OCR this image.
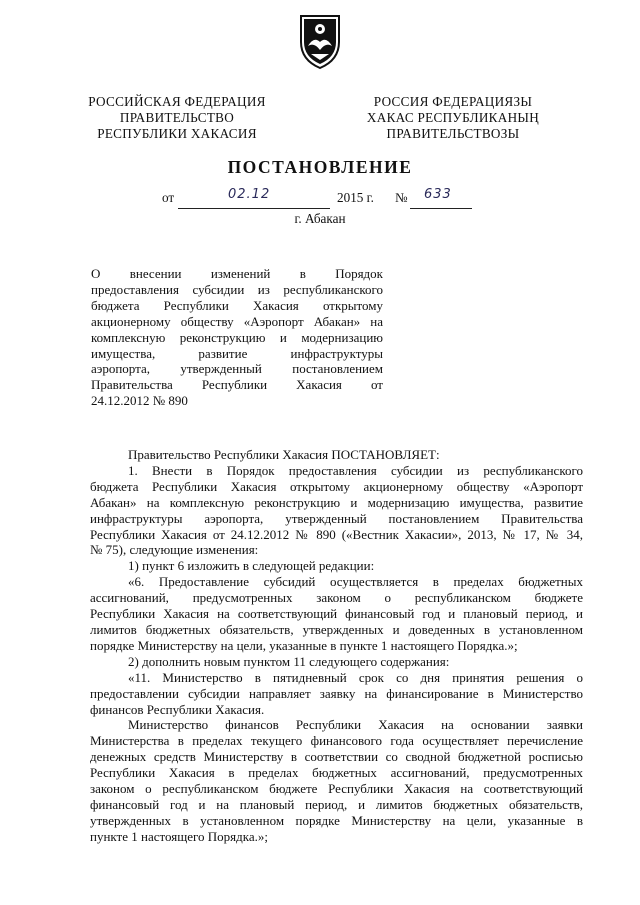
РОССИЙСКАЯ ФЕДЕРАЦИЯ
ПРАВИТЕЛЬСТВО
РЕСПУБЛИКИ ХАКАСИЯ
РОССИЯ ФЕДЕРАЦИЯЗЫ
ХАКАС РЕСПУБЛИКАНЫҢ
ПРАВИТЕЛЬСТВОЗЫ
ПОСТАНОВЛЕНИЕ
от	02.12	2015 г. № 633
г. Абакан
О внесении изменений в Порядок
предоставления субсидии из республиканского
бюджета Республики Хакасия открытому
акционерному обществу «Аэропорт Абакан» на
комплексную реконструкцию и модернизацию
имущества, развитие инфраструктуры
аэропорта, утвержденный постановлением
Правительства Республики Хакасия от
24.12.2012 № 890
Правительство Республики Хакасия ПОСТАНОВЛЯЕТ:
1. Внести в Порядок предоставления субсидии из республиканского
бюджета Республики Хакасия открытому акционерному обществу «Аэропорт
Абакан» на комплексную реконструкцию и модернизацию имущества, развитие
инфраструктуры аэропорта, утвержденный постановлением Правительства
Республики Хакасия от 24.12.2012 № 890 («Вестник Хакасии», 2013, № 17, № 34,
№ 75), следующие изменения:
1) пункт 6 изложить в следующей редакции:
«6. Предоставление субсидий осуществляется в пределах бюджетных
ассигнований, предусмотренных законом о республиканском бюджете
Республики Хакасия на соответствующий финансовый год и плановый период, и
лимитов бюджетных обязательств, утвержденных и доведенных в установленном
порядке Министерству на цели, указанные в пункте 1 настоящего Порядка.»;
2) дополнить новым пунктом 11 следующего содержания:
«11. Министерство в пятидневный срок со дня принятия решения о
предоставлении субсидии направляет заявку на финансирование в Министерство
финансов Республики Хакасия.
Министерство финансов Республики Хакасия на основании заявки
Министерства в пределах текущего финансового года осуществляет перечисление
денежных средств Министерству в соответствии со сводной бюджетной росписью
Республики Хакасия в пределах бюджетных ассигнований, предусмотренных
законом о республиканском бюджете Республики Хакасия на соответствующий
финансовый год и на плановый период, и лимитов бюджетных обязательств,
утвержденных в установленном порядке Министерству на цели, указанные в
пункте 1 настоящего Порядка.»;
